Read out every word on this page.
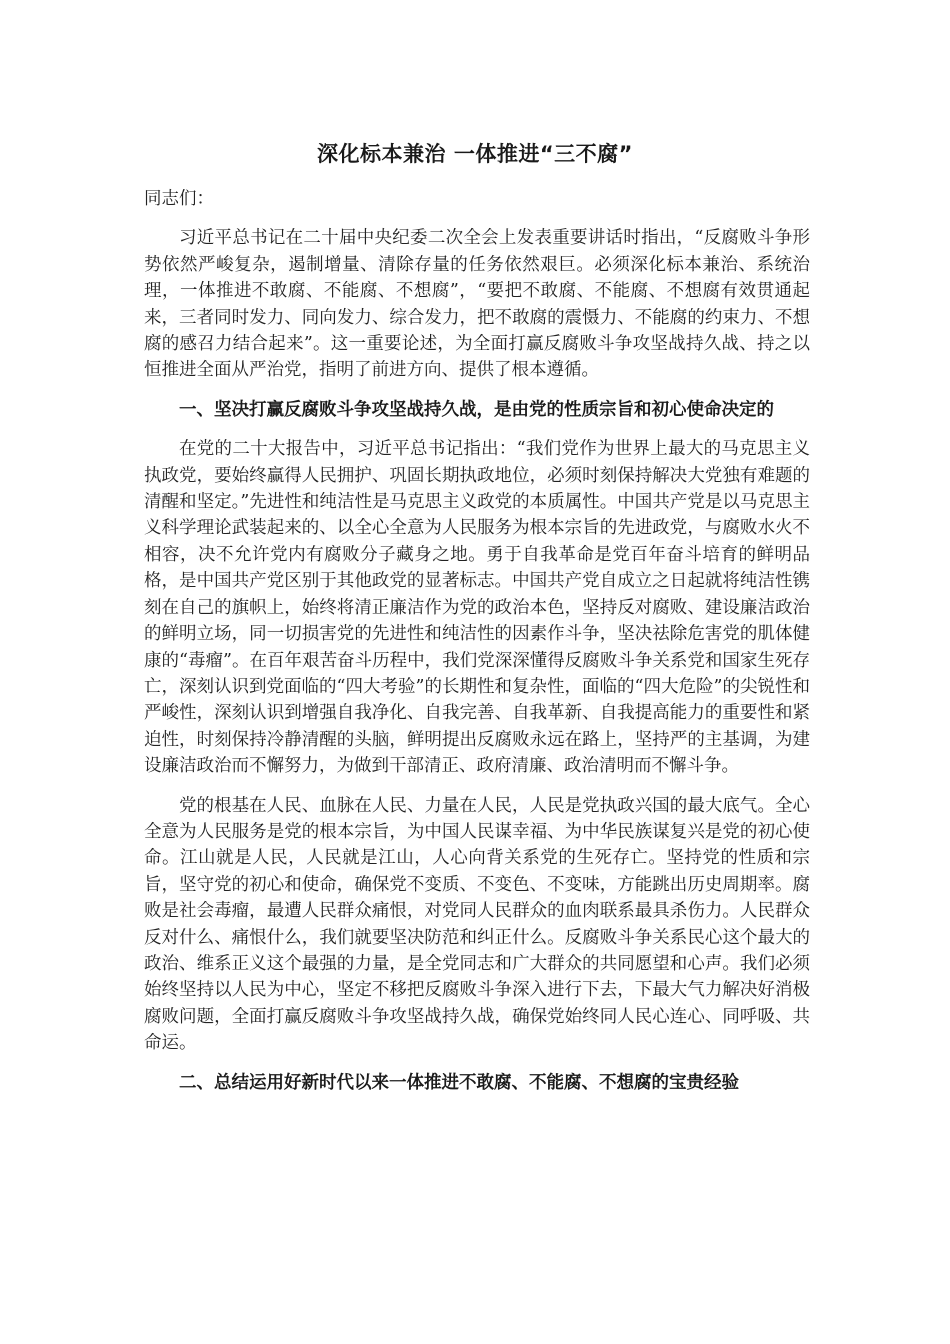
深化标本兼治 一体推进“三不腐”

同志们：

习近平总书记在二十届中央纪委二次全会上发表重要讲话时指出，“反腐败斗争形势依然严峻复杂，遏制增量、清除存量的任务依然艰巨。必须深化标本兼治、系统治理，一体推进不敢腐、不能腐、不想腐”，“要把不敢腐、不能腐、不想腐有效贯通起来，三者同时发力、同向发力、综合发力，把不敢腐的震慑力、不能腐的约束力、不想腐的感召力结合起来”。这一重要论述，为全面打赢反腐败斗争攻坚战持久战、持之以恒推进全面从严治党，指明了前进方向、提供了根本遵循。

一、坚决打赢反腐败斗争攻坚战持久战，是由党的性质宗旨和初心使命决定的

在党的二十大报告中，习近平总书记指出：“我们党作为世界上最大的马克思主义执政党，要始终赢得人民拥护、巩固长期执政地位，必须时刻保持解决大党独有难题的清醒和坚定。”先进性和纯洁性是马克思主义政党的本质属性。中国共产党是以马克思主义科学理论武装起来的、以全心全意为人民服务为根本宗旨的先进政党，与腐败水火不相容，决不允许党内有腐败分子藏身之地。勇于自我革命是党百年奋斗培育的鲜明品格，是中国共产党区别于其他政党的显著标志。中国共产党自成立之日起就将纯洁性镌刻在自己的旗帜上，始终将清正廉洁作为党的政治本色，坚持反对腐败、建设廉洁政治的鲜明立场，同一切损害党的先进性和纯洁性的因素作斗争，坚决祛除危害党的肌体健康的“毒瘤”。在百年艰苦奋斗历程中，我们党深深懂得反腐败斗争关系党和国家生死存亡，深刻认识到党面临的“四大考验”的长期性和复杂性，面临的“四大危险”的尖锐性和严峻性，深刻认识到增强自我净化、自我完善、自我革新、自我提高能力的重要性和紧迫性，时刻保持冷静清醒的头脑，鲜明提出反腐败永远在路上，坚持严的主基调，为建设廉洁政治而不懈努力，为做到干部清正、政府清廉、政治清明而不懈斗争。

党的根基在人民、血脉在人民、力量在人民，人民是党执政兴国的最大底气。全心全意为人民服务是党的根本宗旨，为中国人民谋幸福、为中华民族谋复兴是党的初心使命。江山就是人民，人民就是江山，人心向背关系党的生死存亡。坚持党的性质和宗旨，坚守党的初心和使命，确保党不变质、不变色、不变味，方能跳出历史周期率。腐败是社会毒瘤，最遭人民群众痛恨，对党同人民群众的血肉联系最具杀伤力。人民群众反对什么、痛恨什么，我们就要坚决防范和纠正什么。反腐败斗争关系民心这个最大的政治、维系正义这个最强的力量，是全党同志和广大群众的共同愿望和心声。我们必须始终坚持以人民为中心，坚定不移把反腐败斗争深入进行下去，下最大气力解决好消极腐败问题，全面打赢反腐败斗争攻坚战持久战，确保党始终同人民心连心、同呼吸、共命运。

二、总结运用好新时代以来一体推进不敢腐、不能腐、不想腐的宝贵经验
